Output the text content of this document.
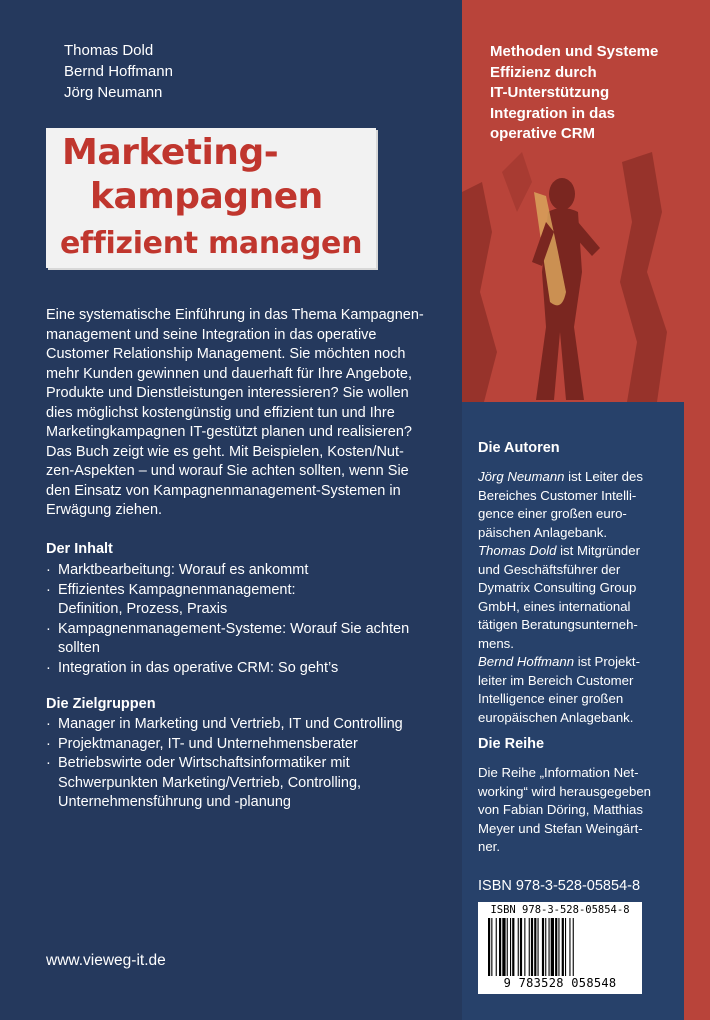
Thomas Dold
Bernd Hoffmann
Jörg Neumann
Marketing-
kampagnen
effizient managen
Eine systematische Einführung in das Thema Kampagnen-
management und seine Integration in das operative
Customer Relationship Management. Sie möchten noch
mehr Kunden gewinnen und dauerhaft für Ihre Angebote,
Produkte und Dienstleistungen interessieren? Sie wollen
dies möglichst kostengünstig und effizient tun und Ihre
Marketingkampagnen IT-gestützt planen und realisieren?
Das Buch zeigt wie es geht. Mit Beispielen, Kosten/Nut-
zen-Aspekten – und worauf Sie achten sollten, wenn Sie
den Einsatz von Kampagnenmanagement-Systemen in
Erwägung ziehen.
Der Inhalt
· Marktbearbeitung: Worauf es ankommt
· Effizientes Kampagnenmanagement:
Definition, Prozess, Praxis
· Kampagnenmanagement-Systeme: Worauf Sie achten
sollten
· Integration in das operative CRM: So geht’s
Die Zielgruppen
· Manager in Marketing und Vertrieb, IT und Controlling
· Projektmanager, IT- und Unternehmensberater
· Betriebswirte oder Wirtschaftsinformatiker mit
Schwerpunkten Marketing/Vertrieb, Controlling,
Unternehmensführung und -planung
www.vieweg-it.de
Methoden und Systeme
Effizienz durch
IT-Unterstützung
Integration in das
operative CRM
Die Autoren
Jörg Neumann ist Leiter des
Bereiches Customer Intelli-
gence einer großen euro-
päischen Anlagebank.
Thomas Dold ist Mitgründer
und Geschäftsführer der
Dymatrix Consulting Group
GmbH, eines international
tätigen Beratungsunterneh-
mens.
Bernd Hoffmann ist Projekt-
leiter im Bereich Customer
Intelligence einer großen
europäischen Anlagebank.
Die Reihe
Die Reihe „Information Net-
working“ wird herausgegeben
von Fabian Döring, Matthias
Meyer und Stefan Weingärt-
ner.
ISBN 978-3-528-05854-8
ISBN 978-3-528-05854-8
9 783528 058548
